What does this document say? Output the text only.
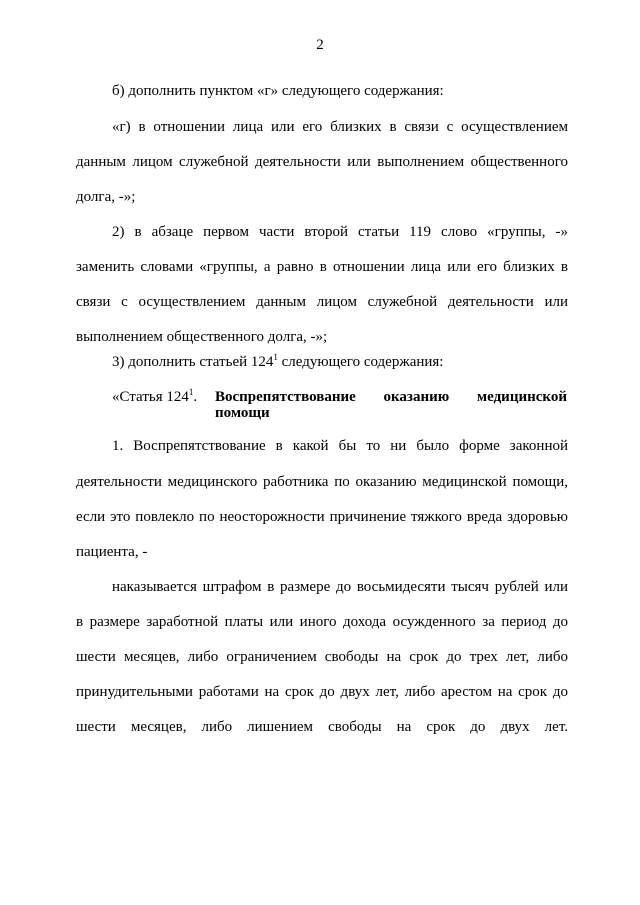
2
б) дополнить пунктом «г» следующего содержания:
«г) в отношении лица или его близких в связи с осуществлением
данным лицом служебной деятельности или выполнением общественного
долга, -»;
2) в абзаце первом части второй статьи 119 слово «группы, -»
заменить словами «группы, а равно в отношении лица или его близких в
связи с осуществлением данным лицом служебной деятельности или
выполнением общественного долга, -»;
3) дополнить статьей $124^1$ следующего содержания:
«Статья $124^1$. Воспрепятствование оказанию медицинской
помощи
1. Воспрепятствование в какой бы то ни было форме законной
деятельности медицинского работника по оказанию медицинской помощи,
если это повлекло по неосторожности причинение тяжкого вреда здоровью
пациента, -
наказывается штрафом в размере до восьмидесяти тысяч рублей или
в размере заработной платы или иного дохода осужденного за период до
шести месяцев, либо ограничением свободы на срок до трех лет, либо
принудительными работами на срок до двух лет, либо арестом на срок до
шести месяцев, либо лишением свободы на срок до двух лет.
